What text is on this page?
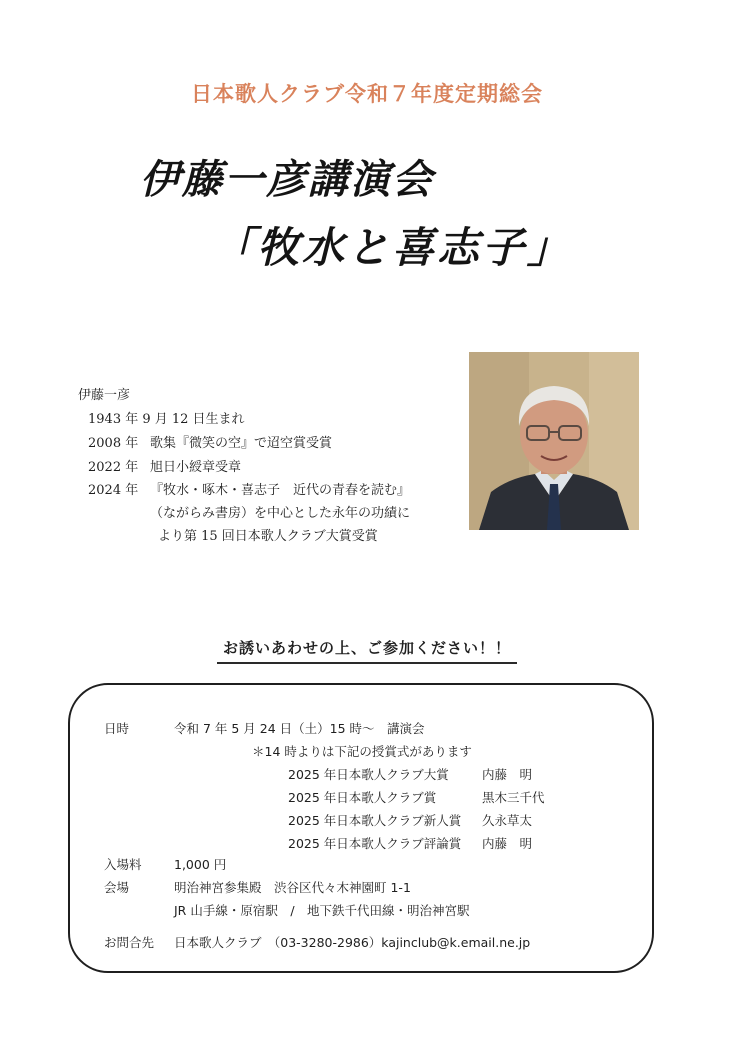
日本歌人クラブ令和７年度定期総会
伊藤一彦講演会
「牧水と喜志子」
伊藤一彦
1943 年 9 月 12 日生まれ
2008 年 歌集『微笑の空』で迢空賞受賞
2022 年 旭日小綬章受章
2024 年 『牧水・啄木・喜志子　近代の青春を読む』
（ながらみ書房）を中心とした永年の功績に
より第 15 回日本歌人クラブ大賞受賞
お誘いあわせの上、ご参加ください！！
日時	令和 7 年 5 月 24 日（土）15 時～　講演会
＊14 時よりは下記の授賞式があります
2025 年日本歌人クラブ大賞	内藤　明
2025 年日本歌人クラブ賞	黒木三千代
2025 年日本歌人クラブ新人賞 久永草太
2025 年日本歌人クラブ評論賞 内藤　明
入場料	1,000 円
会場	明治神宮参集殿　渋谷区代々木神園町 1-1
JR 山手線・原宿駅　/　地下鉄千代田線・明治神宮駅
お問合先 日本歌人クラブ　（03-3280-2986）kajinclub@k.email.ne.jp
